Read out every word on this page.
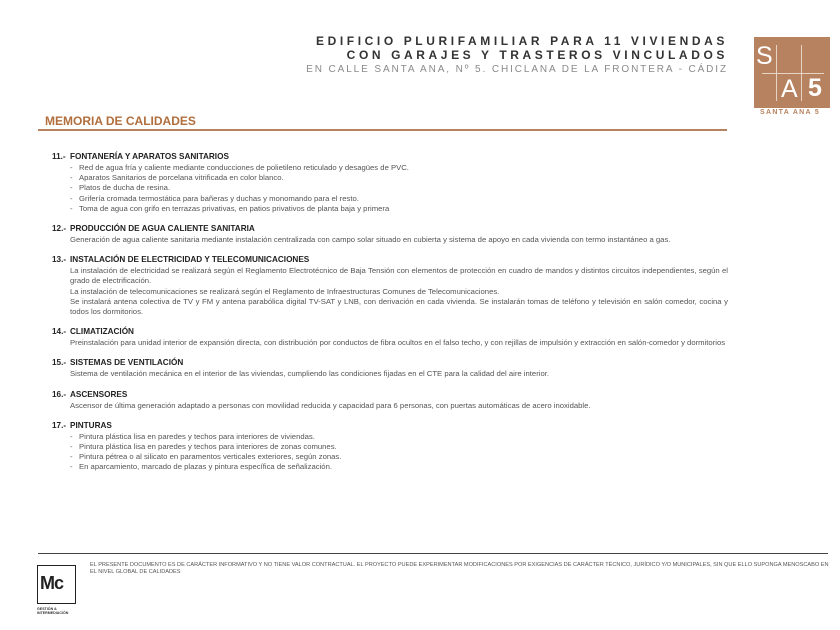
EDIFICIO PLURIFAMILIAR PARA 11 VIVIENDAS
CON GARAJES Y TRASTEROS VINCULADOS
EN CALLE SANTA ANA, Nº 5. CHICLANA DE LA FRONTERA - CÁDIZ S
A 5
SANTA ANA 5
MEMORIA DE CALIDADES
11.- FONTANERÍA Y APARATOS SANITARIOS
- Red de agua fría y caliente mediante conducciones de polietileno reticulado y desagües de PVC.
- Aparatos Sanitarios de porcelana vitrificada en color blanco.
- Platos de ducha de resina.
- Grifería cromada termostática para bañeras y duchas y monomando para el resto.
- Toma de agua con grifo en terrazas privativas, en patios privativos de planta baja y primera
12.- PRODUCCIÓN DE AGUA CALIENTE SANITARIA

Generación de agua caliente sanitaria mediante instalación centralizada con campo solar situado en cubierta y sistema de apoyo en cada vivienda con termo instantáneo a gas.

13.- INSTALACIÓN DE ELECTRICIDAD Y TELECOMUNICACIONES

La instalación de electricidad se realizará según el Reglamento Electrotécnico de Baja Tensión con elementos de protección en cuadro de mandos y distintos circuitos independientes, según el grado de electrificación.

La instalación de telecomunicaciones se realizará según el Reglamento de Infraestructuras Comunes de Telecomunicaciones.

Se instalará antena colectiva de TV y FM y antena parabólica digital TV-SAT y LNB, con derivación en cada vivienda. Se instalarán tomas de teléfono y televisión en salón comedor, cocina y todos los dormitorios.

14.- CLIMATIZACIÓN

Preinstalación para unidad interior de expansión directa, con distribución por conductos de fibra ocultos en el falso techo, y con rejillas de impulsión y extracción en salón-comedor y dormitorios

15.- SISTEMAS DE VENTILACIÓN

Sistema de ventilación mecánica en el interior de las viviendas, cumpliendo las condiciones fijadas en el CTE para la calidad del aire interior.

16.- ASCENSORES

Ascensor de última generación adaptado a personas con movilidad reducida y capacidad para 6 personas, con puertas automáticas de acero inoxidable.

17.- PINTURAS
- Pintura plástica lisa en paredes y techos para interiores de viviendas.
- Pintura plástica lisa en paredes y techos para interiores de zonas comunes.
- Pintura pétrea o al silicato en paramentos verticales exteriores, según zonas.
- En aparcamiento, marcado de plazas y pintura específica de señalización.
Mc
GESTIÓN &
INTERMEDIACIÓN
EL PRESENTE DOCUMENTO ES DE CARÁCTER INFORMATIVO Y NO TIENE VALOR CONTRACTUAL. EL PROYECTO PUEDE EXPERIMENTAR MODIFICACIONES POR EXIGENCIAS DE CARÁCTER TÉCNICO, JURÍDICO Y/O MUNICIPALES, SIN QUE ELLO SUPONGA MENOSCABO EN EL NIVEL GLOBAL DE CALIDADES
